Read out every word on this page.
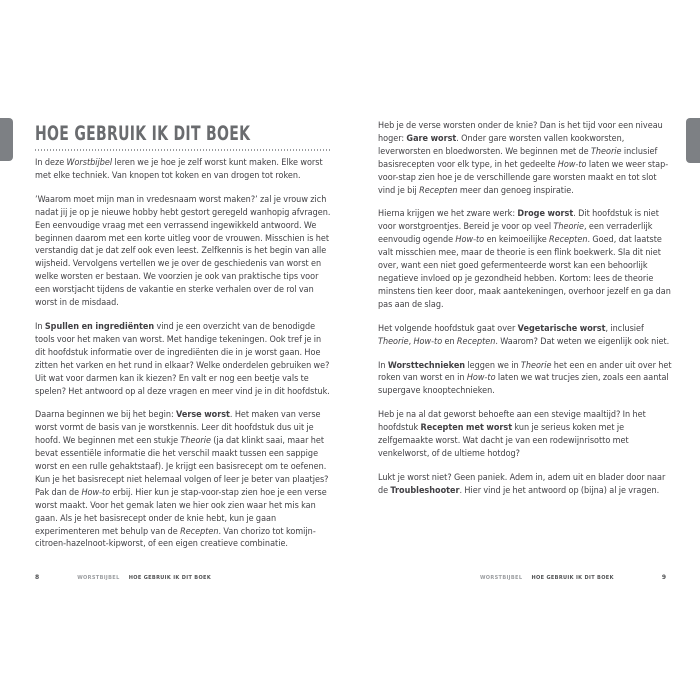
HOE GEBRUIK IK DIT BOEK

In deze Worstbijbel leren we je hoe je zelf worst kunt maken. Elke worst met elke techniek. Van knopen tot koken en van drogen tot roken.

’Waarom moet mijn man in vredesnaam worst maken?’ zal je vrouw zich nadat jij je op je nieuwe hobby hebt gestort geregeld wanhopig afvragen. Een eenvoudige vraag met een verrassend ingewikkeld antwoord. We beginnen daarom met een korte uitleg voor de vrouwen. Misschien is het verstandig dat je dat zelf ook even leest. Zelfkennis is het begin van alle wijsheid. Vervolgens vertellen we je over de geschiedenis van worst en welke worsten er bestaan. We voorzien je ook van praktische tips voor een worstjacht tijdens de vakantie en sterke verhalen over de rol van worst in de misdaad.

In Spullen en ingrediënten vind je een overzicht van de benodigde tools voor het maken van worst. Met handige tekeningen. Ook tref je in dit hoofdstuk informatie over de ingrediënten die in je worst gaan. Hoe zitten het varken en het rund in elkaar? Welke onderdelen gebruiken we? Uit wat voor darmen kan ik kiezen? En valt er nog een beetje vals te spelen? Het antwoord op al deze vragen en meer vind je in dit hoofdstuk.

Daarna beginnen we bij het begin: Verse worst. Het maken van verse worst vormt de basis van je worstkennis. Leer dit hoofdstuk dus uit je hoofd. We beginnen met een stukje Theorie (ja dat klinkt saai, maar het bevat essentiële informatie die het verschil maakt tussen een sappige worst en een rulle gehaktstaaf). Je krijgt een basisrecept om te oefenen. Kun je het basisrecept niet helemaal volgen of leer je beter van plaatjes? Pak dan de How-to erbij. Hier kun je stap-voor-stap zien hoe je een verse worst maakt. Voor het gemak laten we hier ook zien waar het mis kan gaan. Als je het basisrecept onder de knie hebt, kun je gaan experimenteren met behulp van de Recepten. Van chorizo tot komijn-citroen-hazelnoot-kipworst, of een eigen creatieve combinatie.

8	WORSTBIJBEL HOE GEBRUIK IK DIT BOEK

Heb je de verse worsten onder de knie? Dan is het tijd voor een niveau hoger: Gare worst. Onder gare worsten vallen kookworsten, leverworsten en bloedworsten. We beginnen met de Theorie inclusief basisrecepten voor elk type, in het gedeelte How-to laten we weer stap-voor-stap zien hoe je de verschillende gare worsten maakt en tot slot vind je bij Recepten meer dan genoeg inspiratie.

Hierna krijgen we het zware werk: Droge worst. Dit hoofdstuk is niet voor worstgroentjes. Bereid je voor op veel Theorie, een verraderlijk eenvoudig ogende How-to en keimoeilijke Recepten. Goed, dat laatste valt misschien mee, maar de theorie is een flink boekwerk. Sla dit niet over, want een niet goed gefermenteerde worst kan een behoorlijk negatieve invloed op je gezondheid hebben. Kortom: lees de theorie minstens tien keer door, maak aantekeningen, overhoor jezelf en ga dan pas aan de slag.

Het volgende hoofdstuk gaat over Vegetarische worst, inclusief Theorie, How-to en Recepten. Waarom? Dat weten we eigenlijk ook niet.

In Worsttechnieken leggen we in Theorie het een en ander uit over het roken van worst en in How-to laten we wat trucjes zien, zoals een aantal supergave knooptechnieken.

Heb je na al dat geworst behoefte aan een stevige maaltijd? In het hoofdstuk Recepten met worst kun je serieus koken met je zelfgemaakte worst. Wat dacht je van een rodewijnrisotto met venkelworst, of de ultieme hotdog?

Lukt je worst niet? Geen paniek. Adem in, adem uit en blader door naar de Troubleshooter. Hier vind je het antwoord op (bijna) al je vragen.

WORSTBIJBEL HOE GEBRUIK IK DIT BOEK	9
